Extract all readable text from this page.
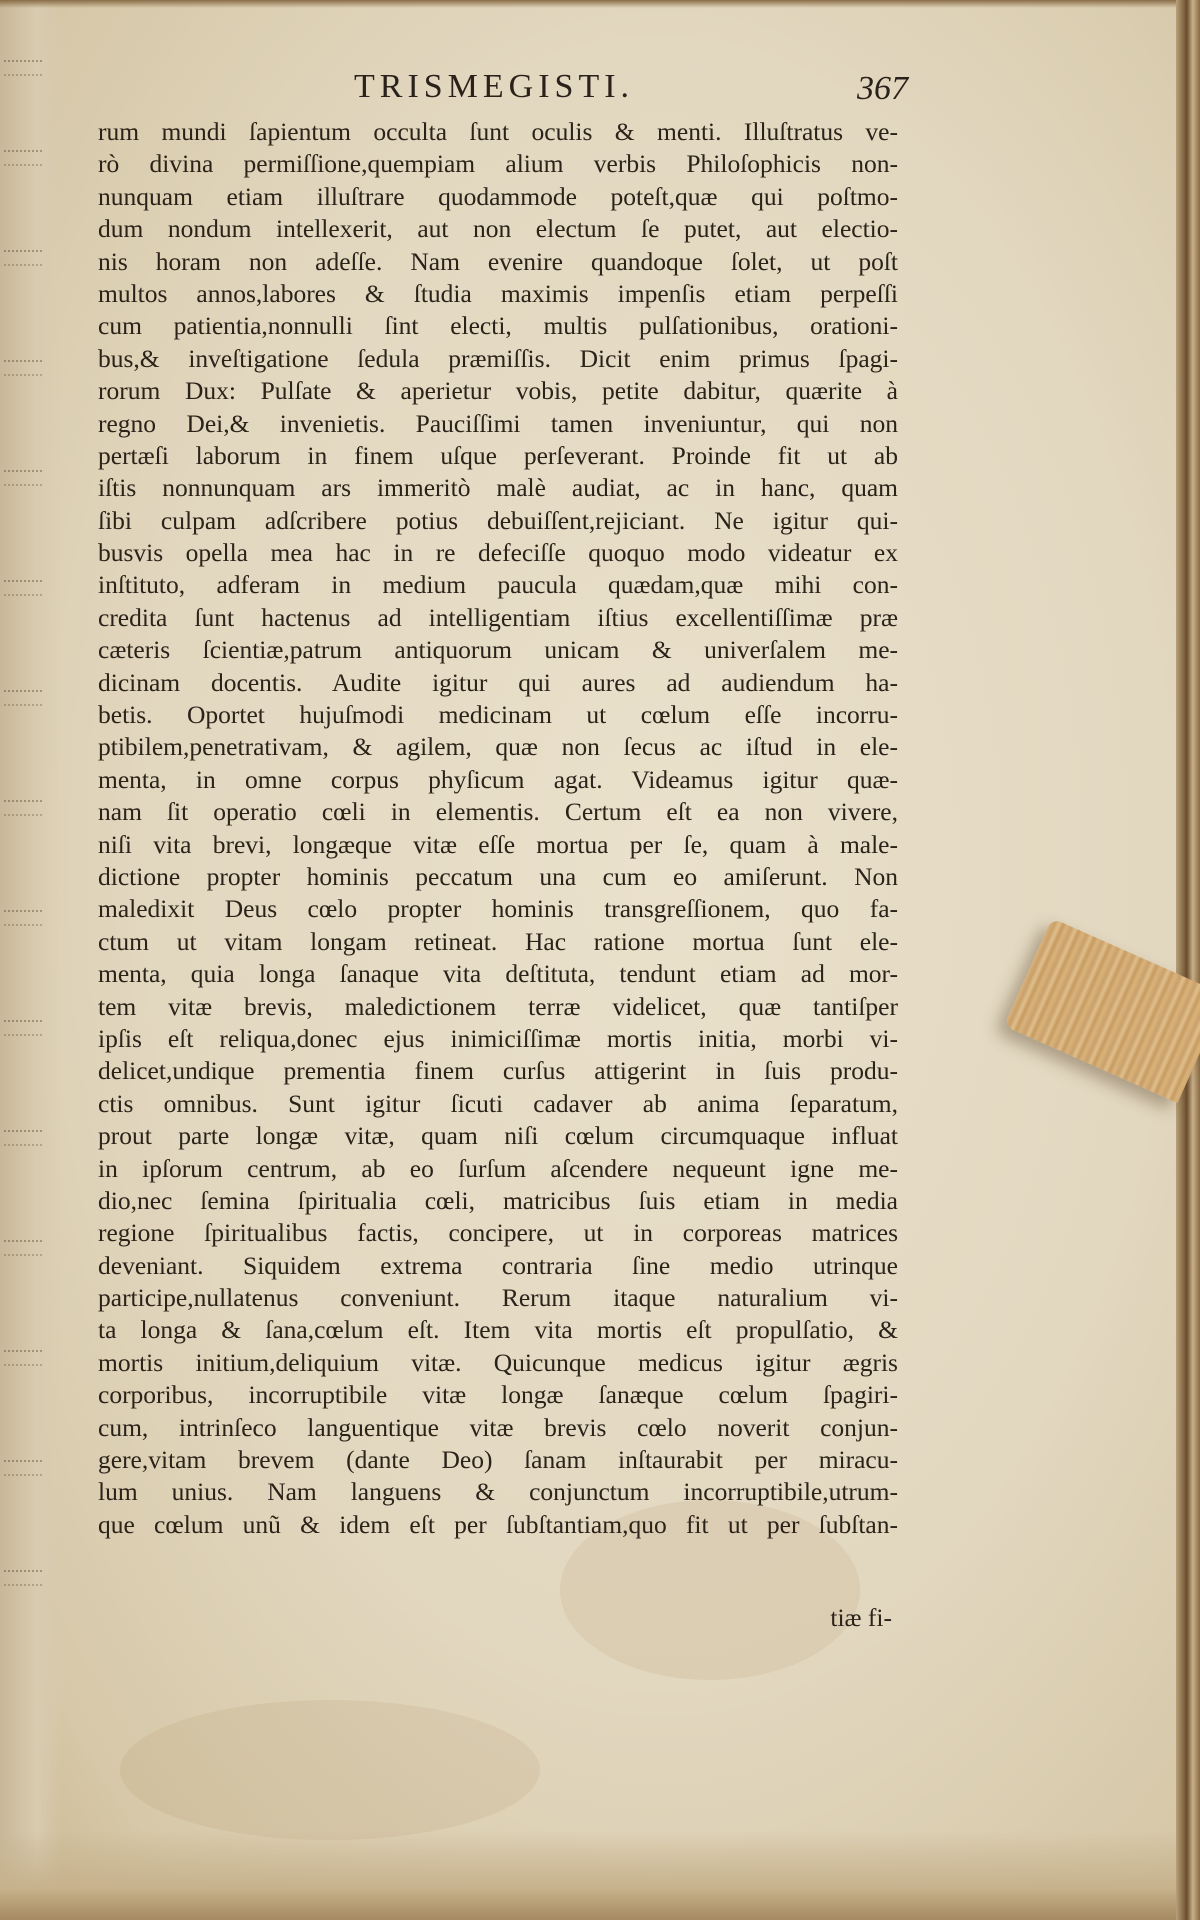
TRISMEGISTI.	367
rum mundi ſapientum occulta ſunt oculis & menti. Illuſtratus ve-
rò divina permiſſione,quempiam alium verbis Philoſophicis non-
nunquam etiam illuſtrare quodammode poteſt,quæ qui poſtmo-
dum nondum intellexerit, aut non electum ſe putet, aut electio-
nis horam non adeſſe. Nam evenire quandoque ſolet, ut poſt
multos annos,labores & ſtudia maximis impenſis etiam perpeſſi
cum patientia,nonnulli ſint electi, multis pulſationibus, orationi-
bus,& inveſtigatione ſedula præmiſſis. Dicit enim primus ſpagi-
rorum Dux: Pulſate & aperietur vobis, petite dabitur, quærite à
regno Dei,& invenietis. Pauciſſimi tamen inveniuntur, qui non
pertæſi laborum in finem uſque perſeverant. Proinde fit ut ab
iſtis nonnunquam ars immeritò malè audiat, ac in hanc, quam
ſibi culpam adſcribere potius debuiſſent,rejiciant. Ne igitur qui-
busvis opella mea hac in re defeciſſe quoquo modo videatur ex
inſtituto, adferam in medium paucula quædam,quæ mihi con-
credita ſunt hactenus ad intelligentiam iſtius excellentiſſimæ præ
cæteris ſcientiæ,patrum antiquorum unicam & univerſalem me-
dicinam docentis. Audite igitur qui aures ad audiendum ha-
betis. Oportet hujuſmodi medicinam ut cœlum eſſe incorru-
ptibilem,penetrativam, & agilem, quæ non ſecus ac iſtud in ele-
menta, in omne corpus phyſicum agat. Videamus igitur quæ-
nam ſit operatio cœli in elementis. Certum eſt ea non vivere,
niſi vita brevi, longæque vitæ eſſe mortua per ſe, quam à male-
dictione propter hominis peccatum una cum eo amiſerunt. Non
maledixit Deus cœlo propter hominis transgreſſionem, quo fa-
ctum ut vitam longam retineat. Hac ratione mortua ſunt ele-
menta, quia longa ſanaque vita deſtituta, tendunt etiam ad mor-
tem vitæ brevis, maledictionem terræ videlicet, quæ tantiſper
ipſis eſt reliqua,donec ejus inimiciſſimæ mortis initia, morbi vi-
delicet,undique prementia finem curſus attigerint in ſuis produ-
ctis omnibus. Sunt igitur ſicuti cadaver ab anima ſeparatum,
prout parte longæ vitæ, quam niſi cœlum circumquaque influat
in ipſorum centrum, ab eo ſurſum aſcendere nequeunt igne me-
dio,nec ſemina ſpiritualia cœli, matricibus ſuis etiam in media
regione ſpiritualibus factis, concipere, ut in corporeas matrices
deveniant. Siquidem extrema contraria ſine medio utrinque
participe,nullatenus conveniunt. Rerum itaque naturalium vi-
ta longa & ſana,cœlum eſt. Item vita mortis eſt propulſatio, &
mortis initium,deliquium vitæ. Quicunque medicus igitur ægris
corporibus, incorruptibile vitæ longæ ſanæque cœlum ſpagiri-
cum, intrinſeco languentique vitæ brevis cœlo noverit conjun-
gere,vitam brevem (dante Deo) ſanam inſtaurabit per miracu-
lum unius. Nam languens & conjunctum incorruptibile,utrum-
que cœlum unũ & idem eſt per ſubſtantiam,quo fit ut per ſubſtan-
tiæ fi-
